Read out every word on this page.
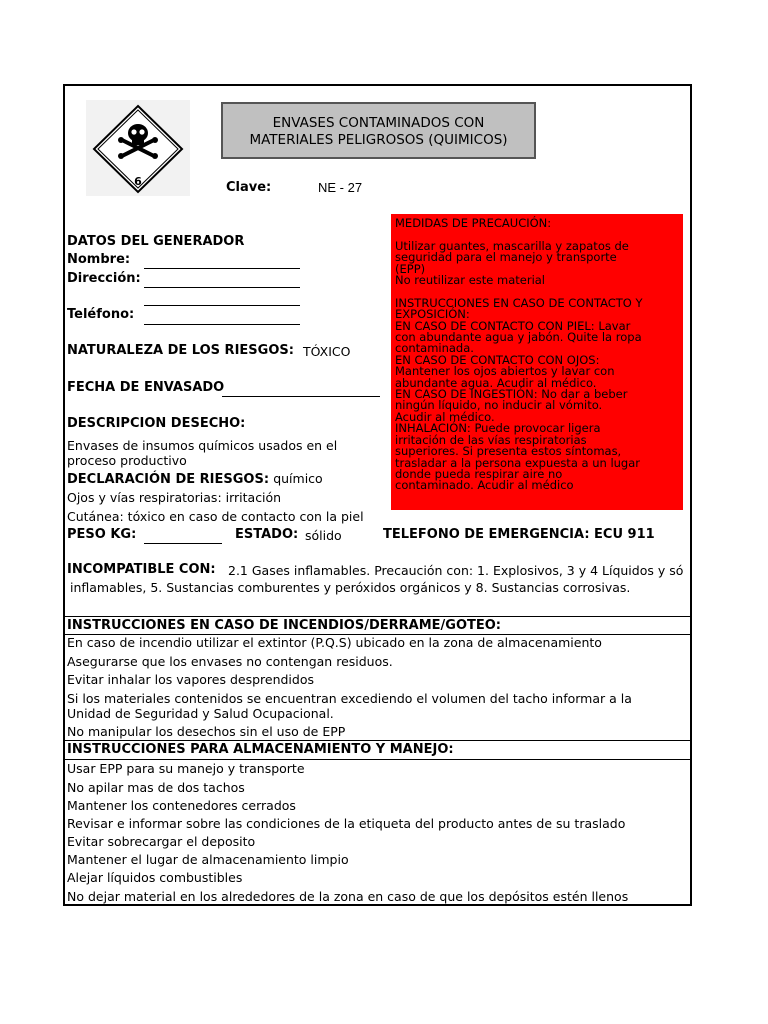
6
ENVASES CONTAMINADOS CON
MATERIALES PELIGROSOS (QUIMICOS)
Clave:	NE - 27
MEDIDAS DE PRECAUCIÓN:
Utilizar guantes, mascarilla y zapatos de
seguridad para el manejo y transporte
(EPP)
No reutilizar este material
INSTRUCCIONES EN CASO DE CONTACTO Y
EXPOSICIÓN:
EN CASO DE CONTACTO CON PIEL: Lavar
con abundante agua y jabón. Quite la ropa
contaminada.
EN CASO DE CONTACTO CON OJOS:
Mantener los ojos abiertos y lavar con
abundante agua. Acudir al médico.
EN CASO DE INGESTIÓN: No dar a beber
ningún líquido, no inducir al vómito.
Acudir al médico.
INHALACIÓN: Puede provocar ligera
irritación de las vías respiratorias
superiores. Si presenta estos síntomas,
trasladar a la persona expuesta a un lugar
donde pueda respirar aire no
contaminado. Acudir al médico
DATOS DEL GENERADOR
Nombre:
Dirección:
Teléfono:
NATURALEZA DE LOS RIESGOS: TÓXICO
FECHA DE ENVASADO
DESCRIPCION DESECHO:
Envases de insumos químicos usados en el
proceso productivo
DECLARACIÓN DE RIESGOS: químico
Ojos y vías respiratorias: irritación
Cutánea: tóxico en caso de contacto con la piel
PESO KG:	ESTADO: sólido	TELEFONO DE EMERGENCIA: ECU 911
INCOMPATIBLE CON: 2.1 Gases inflamables. Precaución con: 1. Explosivos, 3 y 4 Líquidos y só
inflamables, 5. Sustancias comburentes y peróxidos orgánicos y 8. Sustancias corrosivas.
INSTRUCCIONES EN CASO DE INCENDIOS/DERRAME/GOTEO:
En caso de incendio utilizar el extintor (P.Q.S) ubicado en la zona de almacenamiento
Asegurarse que los envases no contengan residuos.
Evitar inhalar los vapores desprendidos
Si los materiales contenidos se encuentran excediendo el volumen del tacho informar a la
Unidad de Seguridad y Salud Ocupacional.
No manipular los desechos sin el uso de EPP
INSTRUCCIONES PARA ALMACENAMIENTO Y MANEJO:
Usar EPP para su manejo y transporte
No apilar mas de dos tachos
Mantener los contenedores cerrados
Revisar e informar sobre las condiciones de la etiqueta del producto antes de su traslado
Evitar sobrecargar el deposito
Mantener el lugar de almacenamiento limpio
Alejar líquidos combustibles
No dejar material en los alrededores de la zona en caso de que los depósitos estén llenos
